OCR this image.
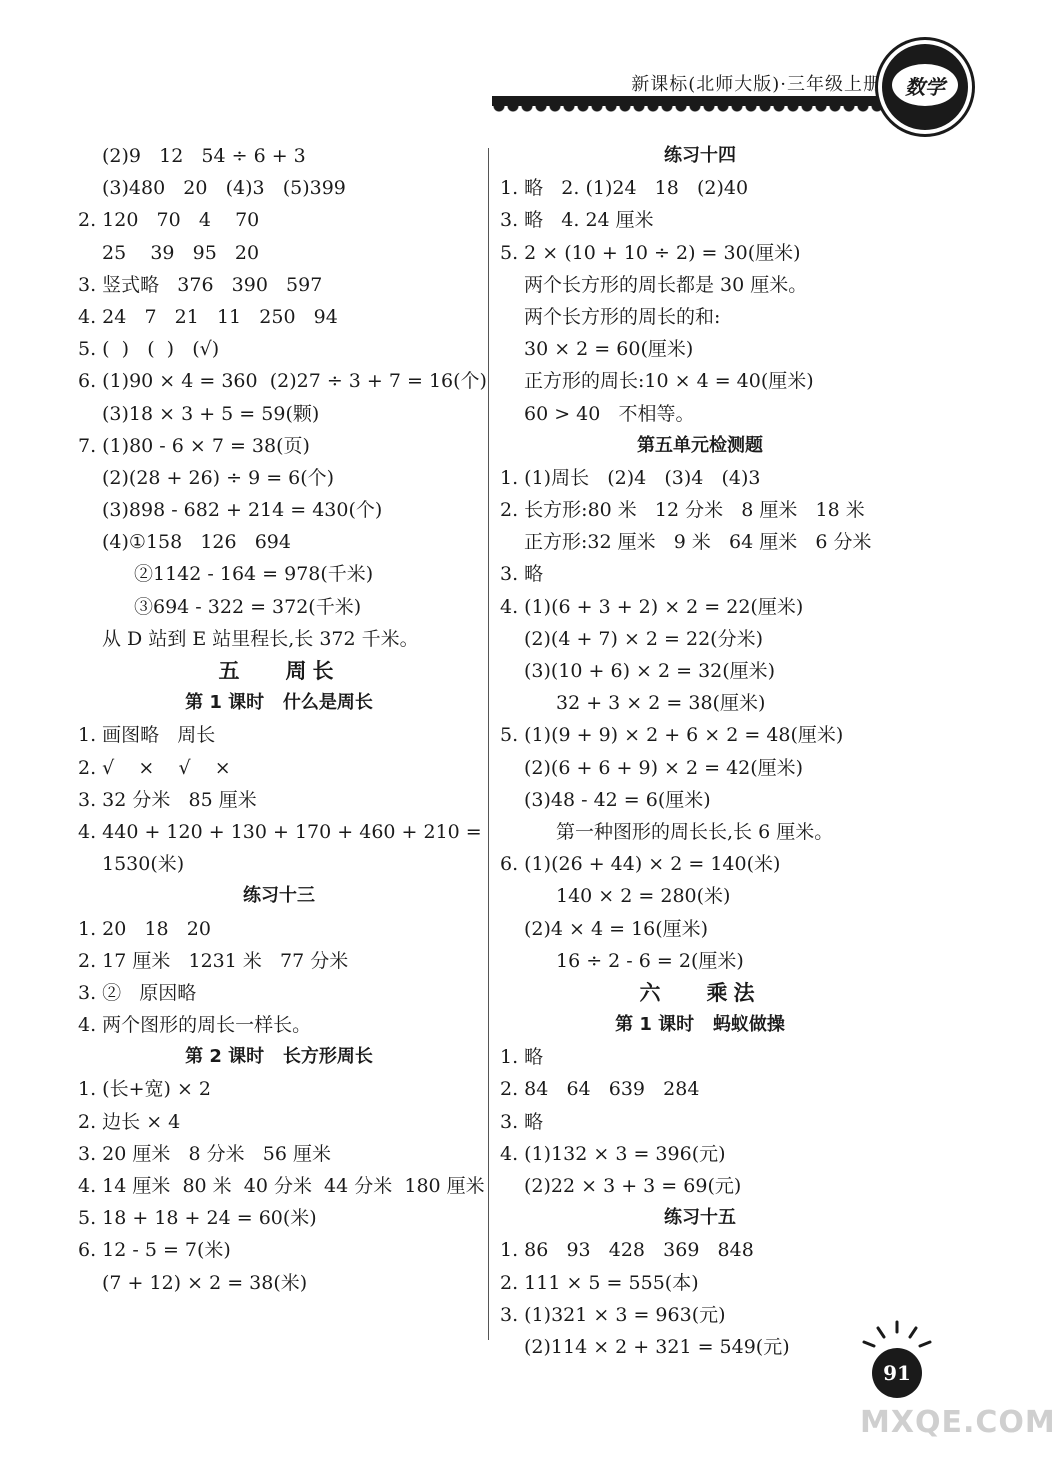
新课标(北师大版)·三年级上册	数学
(2)9   12   54 ÷ 6 + 3
(3)480   20   (4)3   (5)399
2. 120   70   4    70
25    39   95   20
3. 竖式略   376   390   597
4. 24   7   21   11   250   94
5. (  )   (  )   (√)
6. (1)90 × 4 = 360  (2)27 ÷ 3 + 7 = 16(个)
(3)18 × 3 + 5 = 59(颗)
7. (1)80 - 6 × 7 = 38(页)
(2)(28 + 26) ÷ 9 = 6(个)
(3)898 - 682 + 214 = 430(个)
(4)①158   126   694
②1142 - 164 = 978(千米)
③694 - 322 = 372(千米)
从 D 站到 E 站里程长,长 372 千米。
五   周长
第 1 课时   什么是周长
1. 画图略   周长
2. √    ×    √    ×
3. 32 分米   85 厘米
4. 440 + 120 + 130 + 170 + 460 + 210 =
1530(米)
练习十三
1. 20   18   20
2. 17 厘米   1231 米   77 分米
3. ②   原因略
4. 两个图形的周长一样长。
第 2 课时   长方形周长
1. (长+宽) × 2
2. 边长 × 4
3. 20 厘米   8 分米   56 厘米
4. 14 厘米  80 米  40 分米  44 分米  180 厘米
5. 18 + 18 + 24 = 60(米)
6. 12 - 5 = 7(米)
(7 + 12) × 2 = 38(米)
练习十四
1. 略   2. (1)24   18   (2)40
3. 略   4. 24 厘米
5. 2 × (10 + 10 ÷ 2) = 30(厘米)
两个长方形的周长都是 30 厘米。
两个长方形的周长的和:
30 × 2 = 60(厘米)
正方形的周长:10 × 4 = 40(厘米)
60 > 40   不相等。
第五单元检测题
1. (1)周长   (2)4   (3)4   (4)3
2. 长方形:80 米   12 分米   8 厘米   18 米
正方形:32 厘米   9 米   64 厘米   6 分米
3. 略
4. (1)(6 + 3 + 2) × 2 = 22(厘米)
(2)(4 + 7) × 2 = 22(分米)
(3)(10 + 6) × 2 = 32(厘米)
32 + 3 × 2 = 38(厘米)
5. (1)(9 + 9) × 2 + 6 × 2 = 48(厘米)
(2)(6 + 6 + 9) × 2 = 42(厘米)
(3)48 - 42 = 6(厘米)
第一种图形的周长长,长 6 厘米。
6. (1)(26 + 44) × 2 = 140(米)
140 × 2 = 280(米)
(2)4 × 4 = 16(厘米)
16 ÷ 2 - 6 = 2(厘米)
六   乘法
第 1 课时   蚂蚁做操
1. 略
2. 84   64   639   284
3. 略
4. (1)132 × 3 = 396(元)
(2)22 × 3 + 3 = 69(元)
练习十五
1. 86   93   428   369   848
2. 111 × 5 = 555(本)
3. (1)321 × 3 = 963(元)
(2)114 × 2 + 321 = 549(元)
91
MXQE.COM
